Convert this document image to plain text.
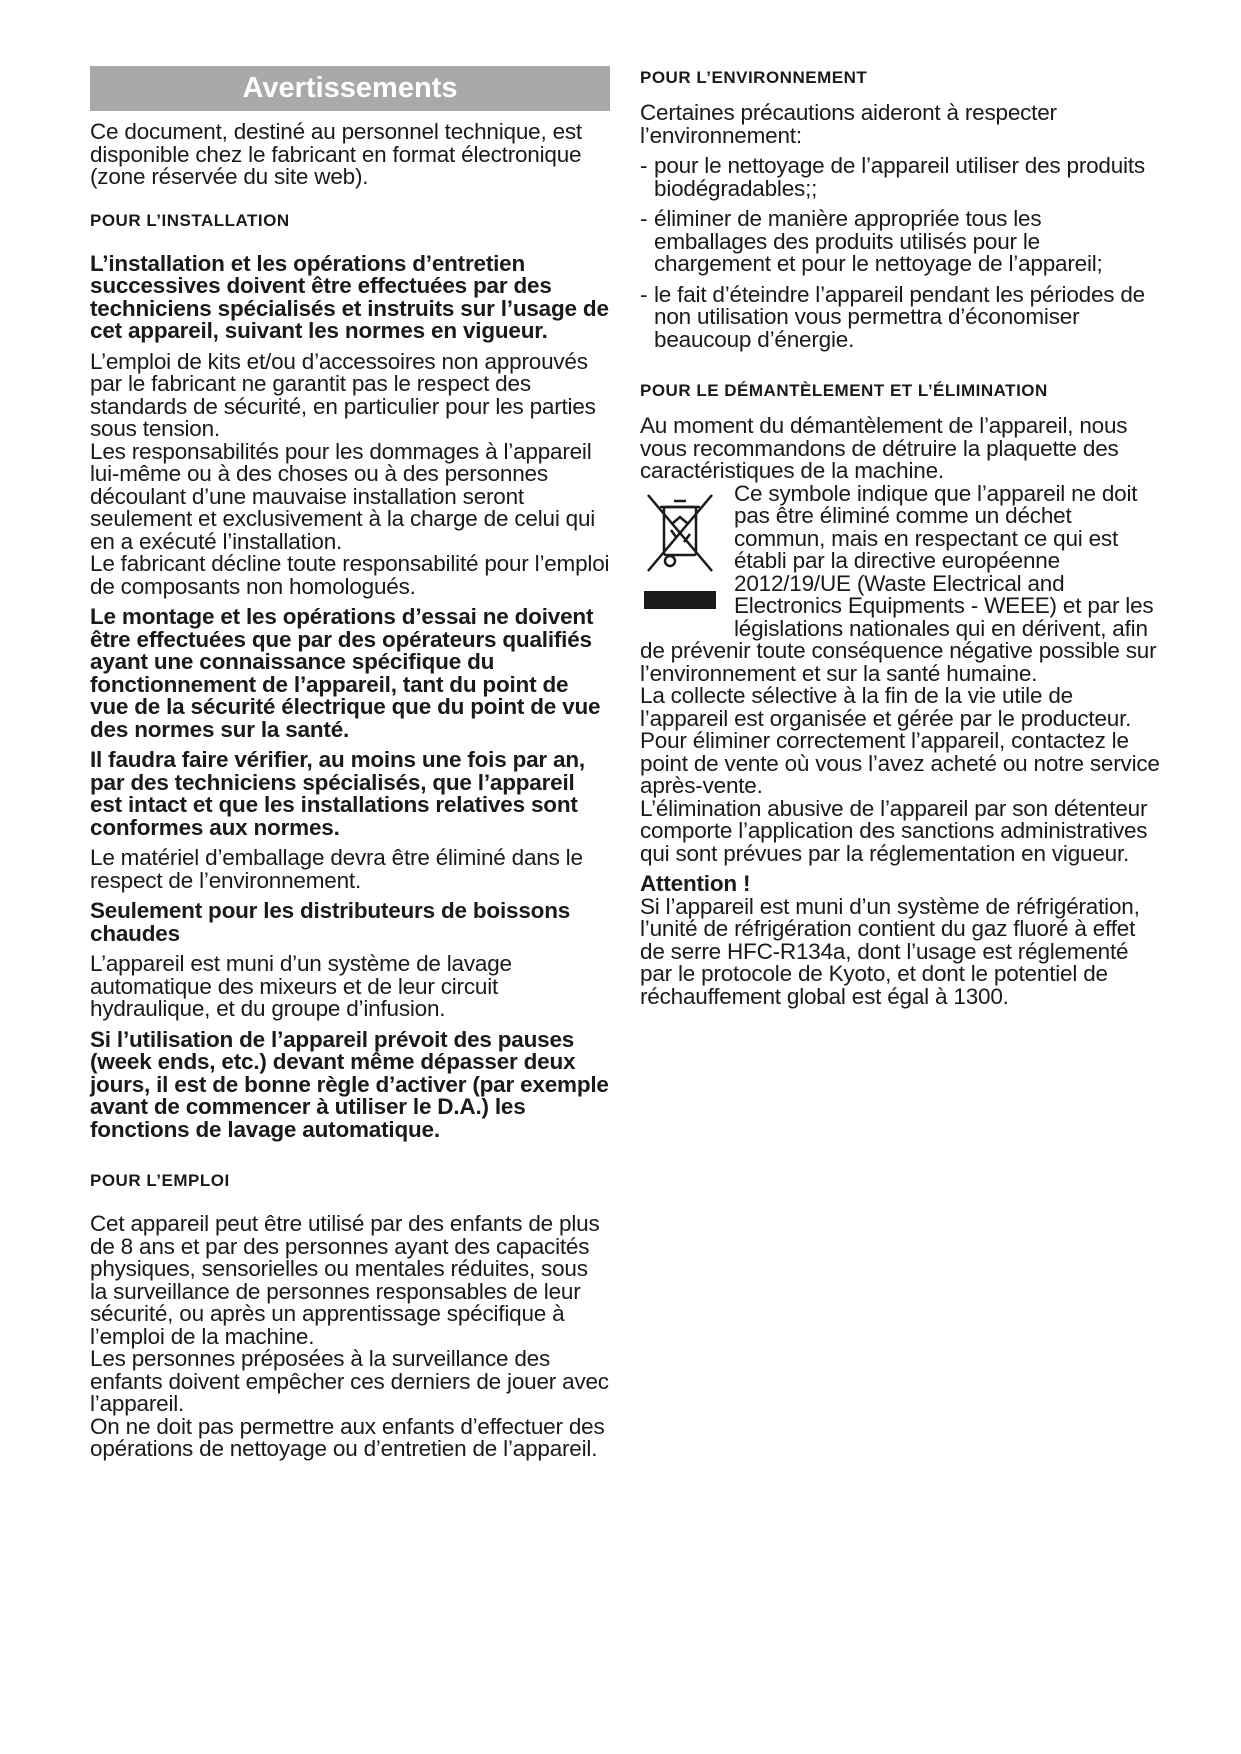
Avertissements

Ce document, destiné au personnel technique, est disponible chez le fabricant en format électronique (zone réservée du site web).

POUR L’INSTALLATION

L’installation et les opérations d’entretien successives doivent être effectuées par des techniciens spécialisés et instruits sur l’usage de cet appareil, suivant les normes en vigueur.

L’emploi de kits et/ou d’accessoires non approuvés par le fabricant ne garantit pas le respect des standards de sécurité, en particulier pour les parties sous tension.

Les responsabilités pour les dommages à l’appareil lui-même ou à des choses ou à des personnes découlant d’une mauvaise installation seront seulement et exclusivement à la charge de celui qui en a exécuté l’installation.

Le fabricant décline toute responsabilité pour l’emploi de composants non homologués.

Le montage et les opérations d’essai ne doivent être effectuées que par des opérateurs qualifiés ayant une connaissance spécifique du fonctionnement de l’appareil, tant du point de vue de la sécurité électrique que du point de vue des normes sur la santé.

Il faudra faire vérifier, au moins une fois par an, par des techniciens spécialisés, que l’appareil est intact et que les installations relatives sont conformes aux normes.

Le matériel d’emballage devra être éliminé dans le respect de l’environnement.

Seulement pour les distributeurs de boissons chaudes

L’appareil est muni d’un système de lavage automatique des mixeurs et de leur circuit hydraulique, et du groupe d’infusion.

Si l’utilisation de l’appareil prévoit des pauses (week ends, etc.) devant même dépasser deux jours, il est de bonne règle d’activer (par exemple avant de commencer à utiliser le D.A.) les fonctions de lavage automatique.

POUR L’EMPLOI

Cet appareil peut être utilisé par des enfants de plus de 8 ans et par des personnes ayant des capacités physiques, sensorielles ou mentales réduites, sous la surveillance de personnes responsables de leur sécurité, ou après un apprentissage spécifique à l’emploi de la machine.

Les personnes préposées à la surveillance des enfants doivent empêcher ces derniers de jouer avec l’appareil.

On ne doit pas permettre aux enfants d’effectuer des opérations de nettoyage ou d’entretien de l’appareil.

POUR L’ENVIRONNEMENT

Certaines précautions aideront à respecter l’environnement:

- pour le nettoyage de l’appareil utiliser des produits biodégradables;;
- éliminer de manière appropriée tous les emballages des produits utilisés pour le chargement et pour le nettoyage de l’appareil;
- le fait d’éteindre l’appareil pendant les périodes de non utilisation vous permettra d’économiser beaucoup d’énergie.
POUR LE DÉMANTÈLEMENT ET L’ÉLIMINATION

Au moment du démantèlement de l’appareil, nous vous recommandons de détruire la plaquette des caractéristiques de la machine.

Ce symbole indique que l’appareil ne doit pas être éliminé comme un déchet commun, mais en respectant ce qui est établi par la directive européenne 2012/19/UE (Waste Electrical and Electronics Equipments - WEEE) et par les législations nationales qui en dérivent, afin de prévenir toute conséquence négative possible sur l’environnement et sur la santé humaine.

La collecte sélective à la fin de la vie utile de l’appareil est organisée et gérée par le producteur.

Pour éliminer correctement l’appareil, contactez le point de vente où vous l’avez acheté ou notre service après-vente.

L’élimination abusive de l’appareil par son détenteur comporte l’application des sanctions administratives qui sont prévues par la réglementation en vigueur.

Attention !

Si l’appareil est muni d’un système de réfrigération, l’unité de réfrigération contient du gaz fluoré à effet de serre HFC-R134a, dont l’usage est réglementé par le protocole de Kyoto, et dont le potentiel de réchauffement global est égal à 1300.
